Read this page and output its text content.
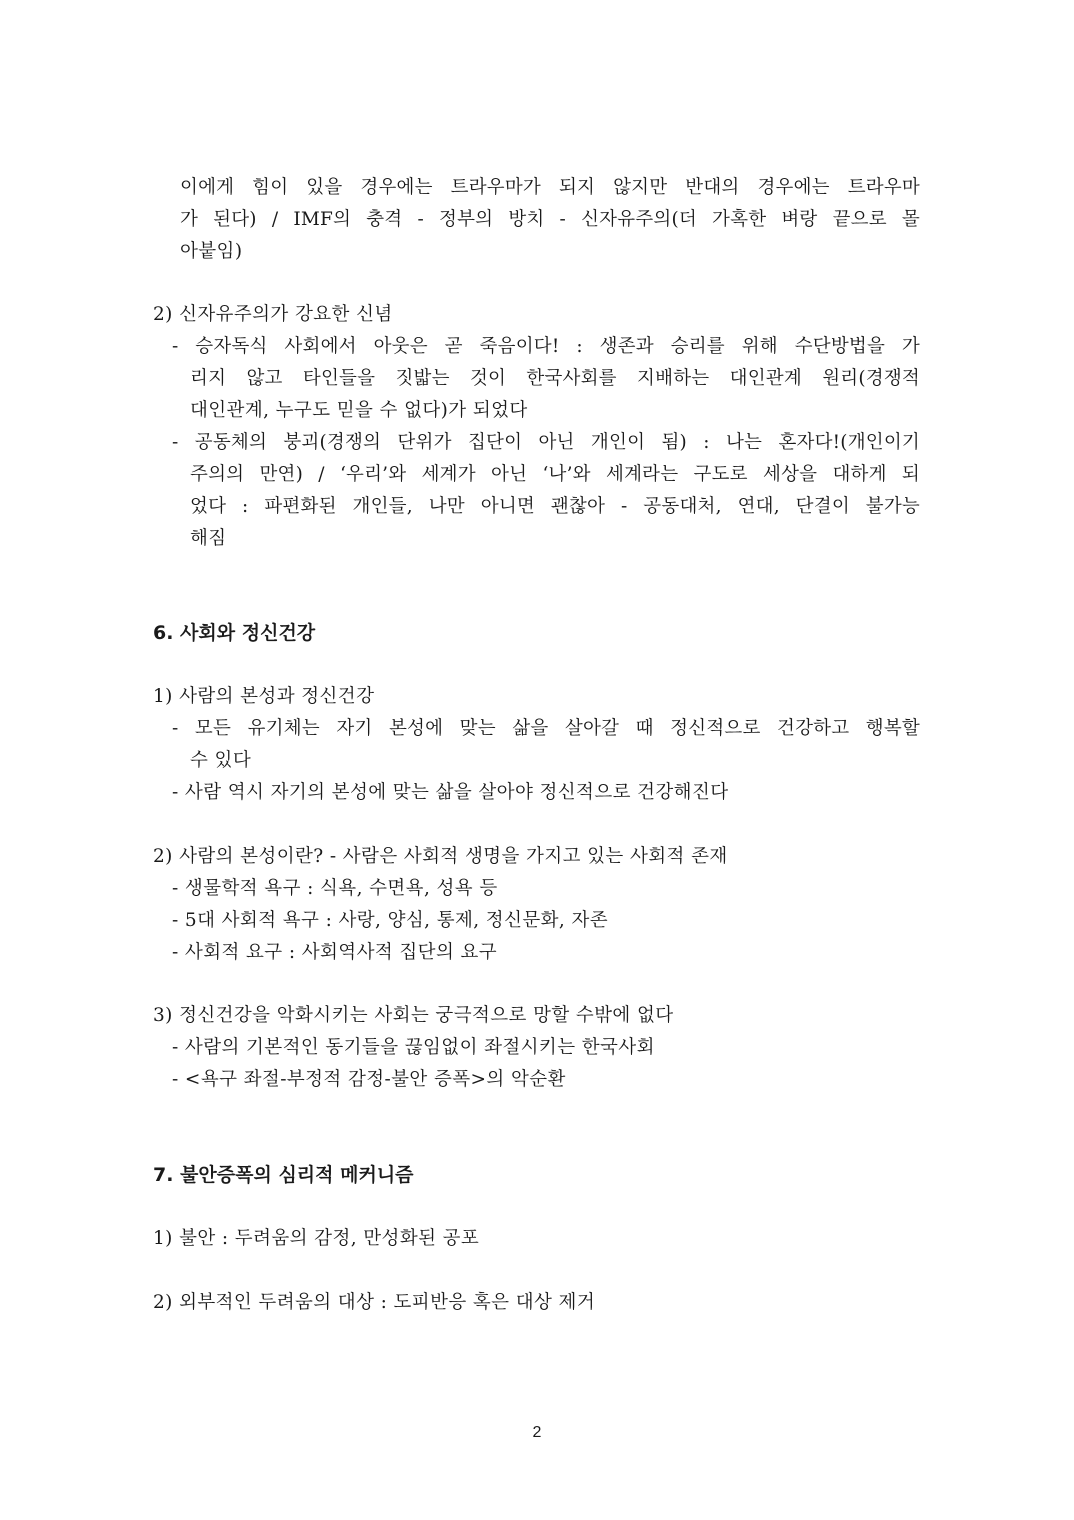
이에게 힘이 있을 경우에는 트라우마가 되지 않지만 반대의 경우에는 트라우마
가 된다) / IMF의 충격 - 정부의 방치 - 신자유주의(더 가혹한 벼랑 끝으로 몰
아붙임)
2) 신자유주의가 강요한 신념
- 승자독식 사회에서 아웃은 곧 죽음이다! : 생존과 승리를 위해 수단방법을 가
리지 않고 타인들을 짓밟는 것이 한국사회를 지배하는 대인관계 원리(경쟁적
대인관계, 누구도 믿을 수 없다)가 되었다
- 공동체의 붕괴(경쟁의 단위가 집단이 아닌 개인이 됨) : 나는 혼자다!(개인이기
주의의 만연) / ‘우리’와 세계가 아닌 ‘나’와 세계라는 구도로 세상을 대하게 되
었다 : 파편화된 개인들, 나만 아니면 괜찮아 - 공동대처, 연대, 단결이 불가능
해짐
6. 사회와 정신건강
1) 사람의 본성과 정신건강
- 모든 유기체는 자기 본성에 맞는 삶을 살아갈 때 정신적으로 건강하고 행복할
수 있다
- 사람 역시 자기의 본성에 맞는 삶을 살아야 정신적으로 건강해진다
2) 사람의 본성이란? - 사람은 사회적 생명을 가지고 있는 사회적 존재
- 생물학적 욕구 : 식욕, 수면욕, 성욕 등
- 5대 사회적 욕구 : 사랑, 양심, 통제, 정신문화, 자존
- 사회적 요구 : 사회역사적 집단의 요구
3) 정신건강을 악화시키는 사회는 궁극적으로 망할 수밖에 없다
- 사람의 기본적인 동기들을 끊임없이 좌절시키는 한국사회
- <욕구 좌절-부정적 감정-불안 증폭>의 악순환
7. 불안증폭의 심리적 메커니즘
1) 불안 : 두려움의 감정, 만성화된 공포
2) 외부적인 두려움의 대상 : 도피반응 혹은 대상 제거
2
